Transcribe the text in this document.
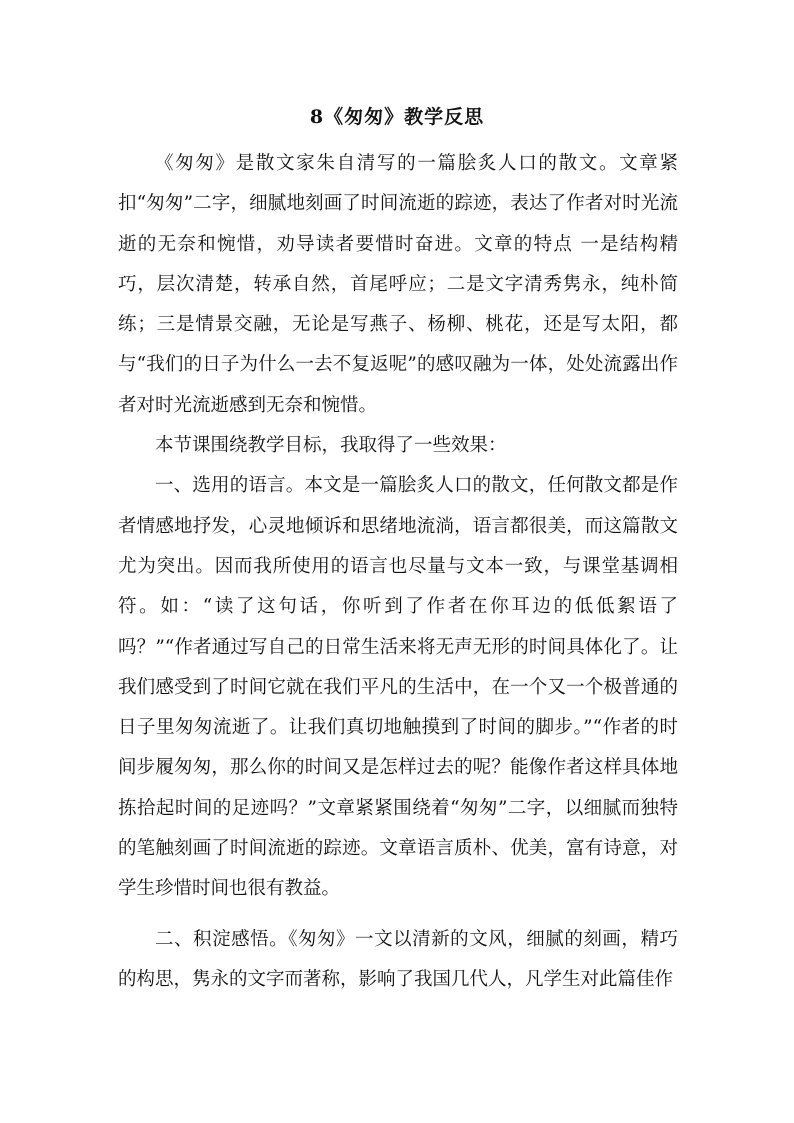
8《匆匆》教学反思

《匆匆》是散文家朱自清写的一篇脍炙人口的散文。文章紧扣“匆匆”二字，细腻地刻画了时间流逝的踪迹，表达了作者对时光流逝的无奈和惋惜，劝导读者要惜时奋进。文章的特点 一是结构精巧，层次清楚，转承自然，首尾呼应；二是文字清秀隽永，纯朴简练；三是情景交融，无论是写燕子、杨柳、桃花，还是写太阳，都与“我们的日子为什么一去不复返呢”的感叹融为一体，处处流露出作者对时光流逝感到无奈和惋惜。

本节课围绕教学目标，我取得了一些效果：

一、选用的语言。本文是一篇脍炙人口的散文，任何散文都是作者情感地抒发，心灵地倾诉和思绪地流淌，语言都很美，而这篇散文尤为突出。因而我所使用的语言也尽量与文本一致，与课堂基调相符。如：“读了这句话，你听到了作者在你耳边的低低絮语了吗？”“作者通过写自己的日常生活来将无声无形的时间具体化了。让我们感受到了时间它就在我们平凡的生活中，在一个又一个极普通的日子里匆匆流逝了。让我们真切地触摸到了时间的脚步。”“作者的时间步履匆匆，那么你的时间又是怎样过去的呢？能像作者这样具体地拣拾起时间的足迹吗？”文章紧紧围绕着“匆匆”二字，以细腻而独特的笔触刻画了时间流逝的踪迹。文章语言质朴、优美，富有诗意，对学生珍惜时间也很有教益。

二、积淀感悟。《匆匆》一文以清新的文风，细腻的刻画，精巧的构思，隽永的文字而著称，影响了我国几代人，凡学生对此篇佳作
